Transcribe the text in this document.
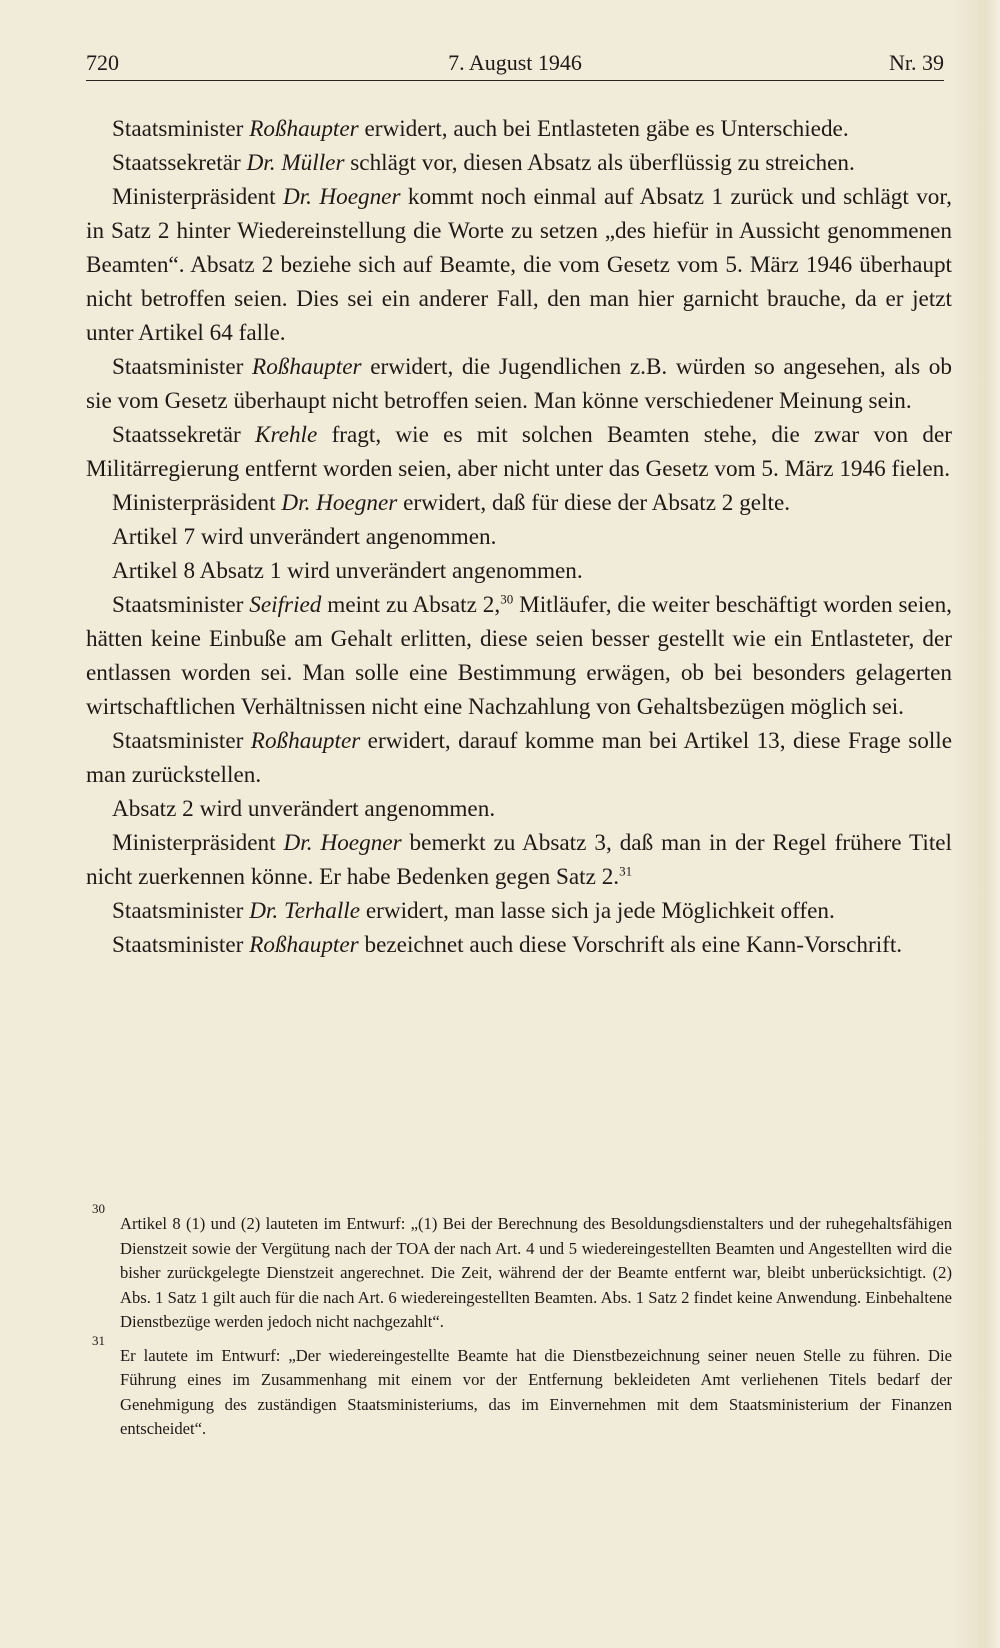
720	7. August 1946	Nr. 39

Staatsminister Roßhaupter erwidert, auch bei Entlasteten gäbe es Unterschiede.

Staatssekretär Dr. Müller schlägt vor, diesen Absatz als überflüssig zu streichen.

Ministerpräsident Dr. Hoegner kommt noch einmal auf Absatz 1 zurück und schlägt vor, in Satz 2 hinter Wiedereinstellung die Worte zu setzen „des hiefür in Aussicht genommenen Beamten“. Absatz 2 beziehe sich auf Beamte, die vom Gesetz vom 5. März 1946 überhaupt nicht betroffen seien. Dies sei ein anderer Fall, den man hier garnicht brauche, da er jetzt unter Artikel 64 falle.

Staatsminister Roßhaupter erwidert, die Jugendlichen z.B. würden so angesehen, als ob sie vom Gesetz überhaupt nicht betroffen seien. Man könne verschiedener Meinung sein.

Staatssekretär Krehle fragt, wie es mit solchen Beamten stehe, die zwar von der Militärregierung entfernt worden seien, aber nicht unter das Gesetz vom 5. März 1946 fielen.

Ministerpräsident Dr. Hoegner erwidert, daß für diese der Absatz 2 gelte.

Artikel 7 wird unverändert angenommen.

Artikel 8 Absatz 1 wird unverändert angenommen.

Staatsminister Seifried meint zu Absatz 2,30 Mitläufer, die weiter beschäftigt worden seien, hätten keine Einbuße am Gehalt erlitten, diese seien besser gestellt wie ein Entlasteter, der entlassen worden sei. Man solle eine Bestimmung erwägen, ob bei besonders gelagerten wirtschaftlichen Verhältnissen nicht eine Nachzahlung von Gehaltsbezügen möglich sei.

Staatsminister Roßhaupter erwidert, darauf komme man bei Artikel 13, diese Frage solle man zurückstellen.

Absatz 2 wird unverändert angenommen.

Ministerpräsident Dr. Hoegner bemerkt zu Absatz 3, daß man in der Regel frühere Titel nicht zuerkennen könne. Er habe Bedenken gegen Satz 2.31

Staatsminister Dr. Terhalle erwidert, man lasse sich ja jede Möglichkeit offen.

Staatsminister Roßhaupter bezeichnet auch diese Vorschrift als eine Kann-Vorschrift.

30
Artikel 8 (1) und (2) lauteten im Entwurf: „(1) Bei der Berechnung des Besoldungsdienstalters und der ruhegehaltsfähigen Dienstzeit sowie der Vergütung nach der TOA der nach Art. 4 und 5 wiedereingestellten Beamten und Angestellten wird die bisher zurückgelegte Dienstzeit angerechnet. Die Zeit, während der der Beamte entfernt war, bleibt unberücksichtigt. (2) Abs. 1 Satz 1 gilt auch für die nach Art. 6 wiedereingestellten Beamten. Abs. 1 Satz 2 findet keine Anwendung. Einbehaltene Dienstbezüge werden jedoch nicht nachgezahlt“.

31
Er lautete im Entwurf: „Der wiedereingestellte Beamte hat die Dienstbezeichnung seiner neuen Stelle zu führen. Die Führung eines im Zusammenhang mit einem vor der Entfernung bekleideten Amt verliehenen Titels bedarf der Genehmigung des zuständigen Staatsministeriums, das im Einvernehmen mit dem Staatsministerium der Finanzen entscheidet“.
